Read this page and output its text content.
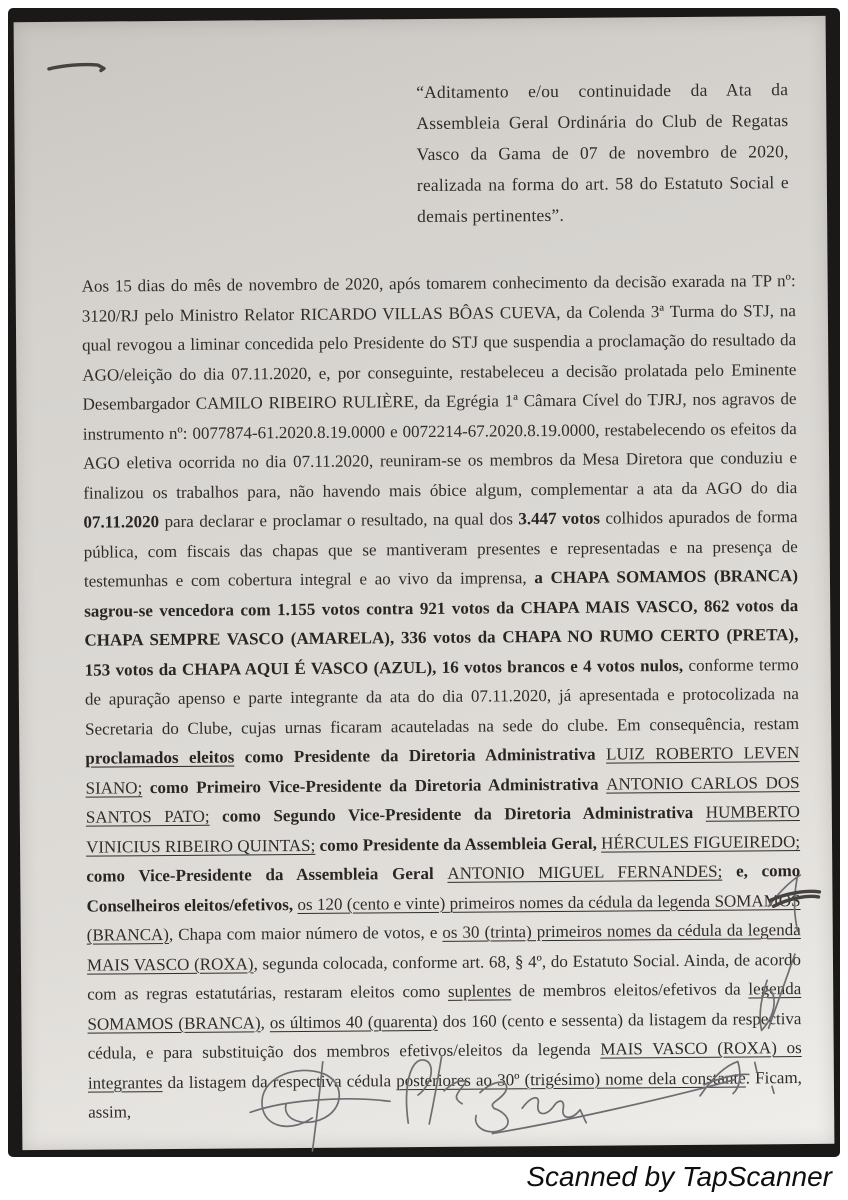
“Aditamento e/ou continuidade da Ata da Assembleia Geral Ordinária do Club de Regatas Vasco da Gama de 07 de novembro de 2020, realizada na forma do art. 58 do Estatuto Social e demais pertinentes”.
Aos 15 dias do mês de novembro de 2020, após tomarem conhecimento da decisão exarada na TP nº: 3120/RJ pelo Ministro Relator RICARDO VILLAS BÔAS CUEVA, da Colenda 3ª Turma do STJ, na qual revogou a liminar concedida pelo Presidente do STJ que suspendia a proclamação do resultado da AGO/eleição do dia 07.11.2020, e, por conseguinte, restabeleceu a decisão prolatada pelo Eminente Desembargador CAMILO RIBEIRO RULIÈRE, da Egrégia 1ª Câmara Cível do TJRJ, nos agravos de instrumento nº: 0077874-61.2020.8.19.0000 e 0072214-67.2020.8.19.0000, restabelecendo os efeitos da AGO eletiva ocorrida no dia 07.11.2020, reuniram-se os membros da Mesa Diretora que conduziu e finalizou os trabalhos para, não havendo mais óbice algum, complementar a ata da AGO do dia 07.11.2020 para declarar e proclamar o resultado, na qual dos 3.447 votos colhidos apurados de forma pública, com fiscais das chapas que se mantiveram presentes e representadas e na presença de testemunhas e com cobertura integral e ao vivo da imprensa, a CHAPA SOMAMOS (BRANCA) sagrou-se vencedora com 1.155 votos contra 921 votos da CHAPA MAIS VASCO, 862 votos da CHAPA SEMPRE VASCO (AMARELA), 336 votos da CHAPA NO RUMO CERTO (PRETA), 153 votos da CHAPA AQUI É VASCO (AZUL), 16 votos brancos e 4 votos nulos, conforme termo de apuração apenso e parte integrante da ata do dia 07.11.2020, já apresentada e protocolizada na Secretaria do Clube, cujas urnas ficaram acauteladas na sede do clube. Em consequência, restam proclamados eleitos como Presidente da Diretoria Administrativa LUIZ ROBERTO LEVEN SIANO; como Primeiro Vice-Presidente da Diretoria Administrativa ANTONIO CARLOS DOS SANTOS PATO; como Segundo Vice-Presidente da Diretoria Administrativa HUMBERTO VINICIUS RIBEIRO QUINTAS; como Presidente da Assembleia Geral, HÉRCULES FIGUEIREDO; como Vice-Presidente da Assembleia Geral ANTONIO MIGUEL FERNANDES; e, como Conselheiros eleitos/efetivos, os 120 (cento e vinte) primeiros nomes da cédula da legenda SOMAMOS (BRANCA), Chapa com maior número de votos, e os 30 (trinta) primeiros nomes da cédula da legenda MAIS VASCO (ROXA), segunda colocada, conforme art. 68, § 4º, do Estatuto Social. Ainda, de acordo com as regras estatutárias, restaram eleitos como suplentes de membros eleitos/efetivos da legenda SOMAMOS (BRANCA), os últimos 40 (quarenta) dos 160 (cento e sessenta) da listagem da respectiva cédula, e para substituição dos membros efetivos/eleitos da legenda MAIS VASCO (ROXA) os integrantes da listagem da respectiva cédula posteriores ao 30º (trigésimo) nome dela constante. Ficam, assim,
Scanned by TapScanner
